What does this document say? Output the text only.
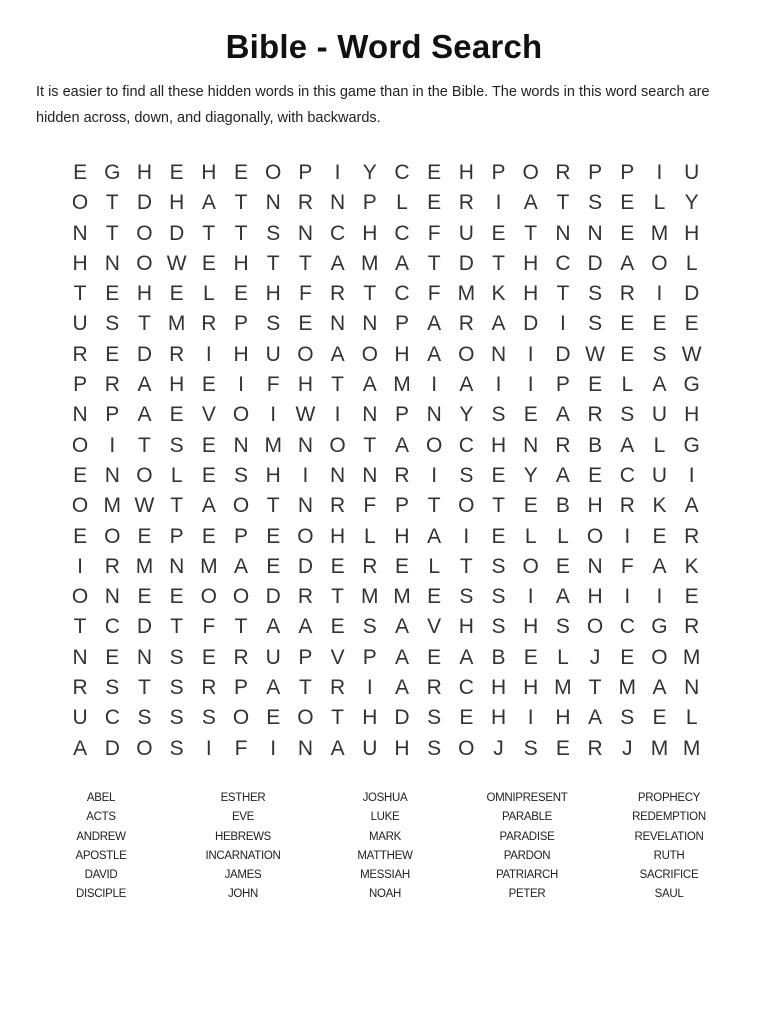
Bible - Word Search
It is easier to find all these hidden words in this game than in the Bible. The words in this word search are hidden across, down, and diagonally, with backwards.
E G H E H E O P	I	Y C E H P O R P P	I	U
O T D H A T N R N P L E R	I	A T S E L Y
N T O D T T S N C H C F U E T N N E M H
H N O W E H T T A M A T D T H C D A O L
T E H E L E H F R T C F M K H T S R	I	D
U S T M R P S E N N P A R A D	I	S E E E
R E D R	I	H U O A O H A O N	I	D W E S W
P R A H E	I	F H T A M I	A	I	I	P E L A G
N P A E V O	I W I	N P N Y S E A R S U H
O	I	T S E N M N O T A O C H N R B A L G
E N O L E S H	I	N N R	I	S E Y A E C U	I
O M W T A O T N R F P T O T E B H R K A
E O E P E P E O H L H A	I	E L L O	I	E R
I	R M N M A E D E R E L T S O E N F A K
O N E E O O D R T M M E S S	I	A H	I	I	E
T C D T F T A A E S A V H S H S O C G R
N E N S E R U P V P A E A B E L	J E O M
R S T S R P A T R	I	A R C H H M T M A N
U C S S S O E O T H D S E H	I	H A S E L
A D O S	I	F	I	N A U H S O J S E R J M M
ABEL
ACTS
ANDREW
APOSTLE
DAVID
DISCIPLE
ESTHER
EVE
HEBREWS
INCARNATION
JAMES
JOHN
JOSHUA
LUKE
MARK
MATTHEW
MESSIAH
NOAH
OMNIPRESENT
PARABLE
PARADISE
PARDON
PATRIARCH
PETER
PROPHECY
REDEMPTION
REVELATION
RUTH
SACRIFICE
SAUL
